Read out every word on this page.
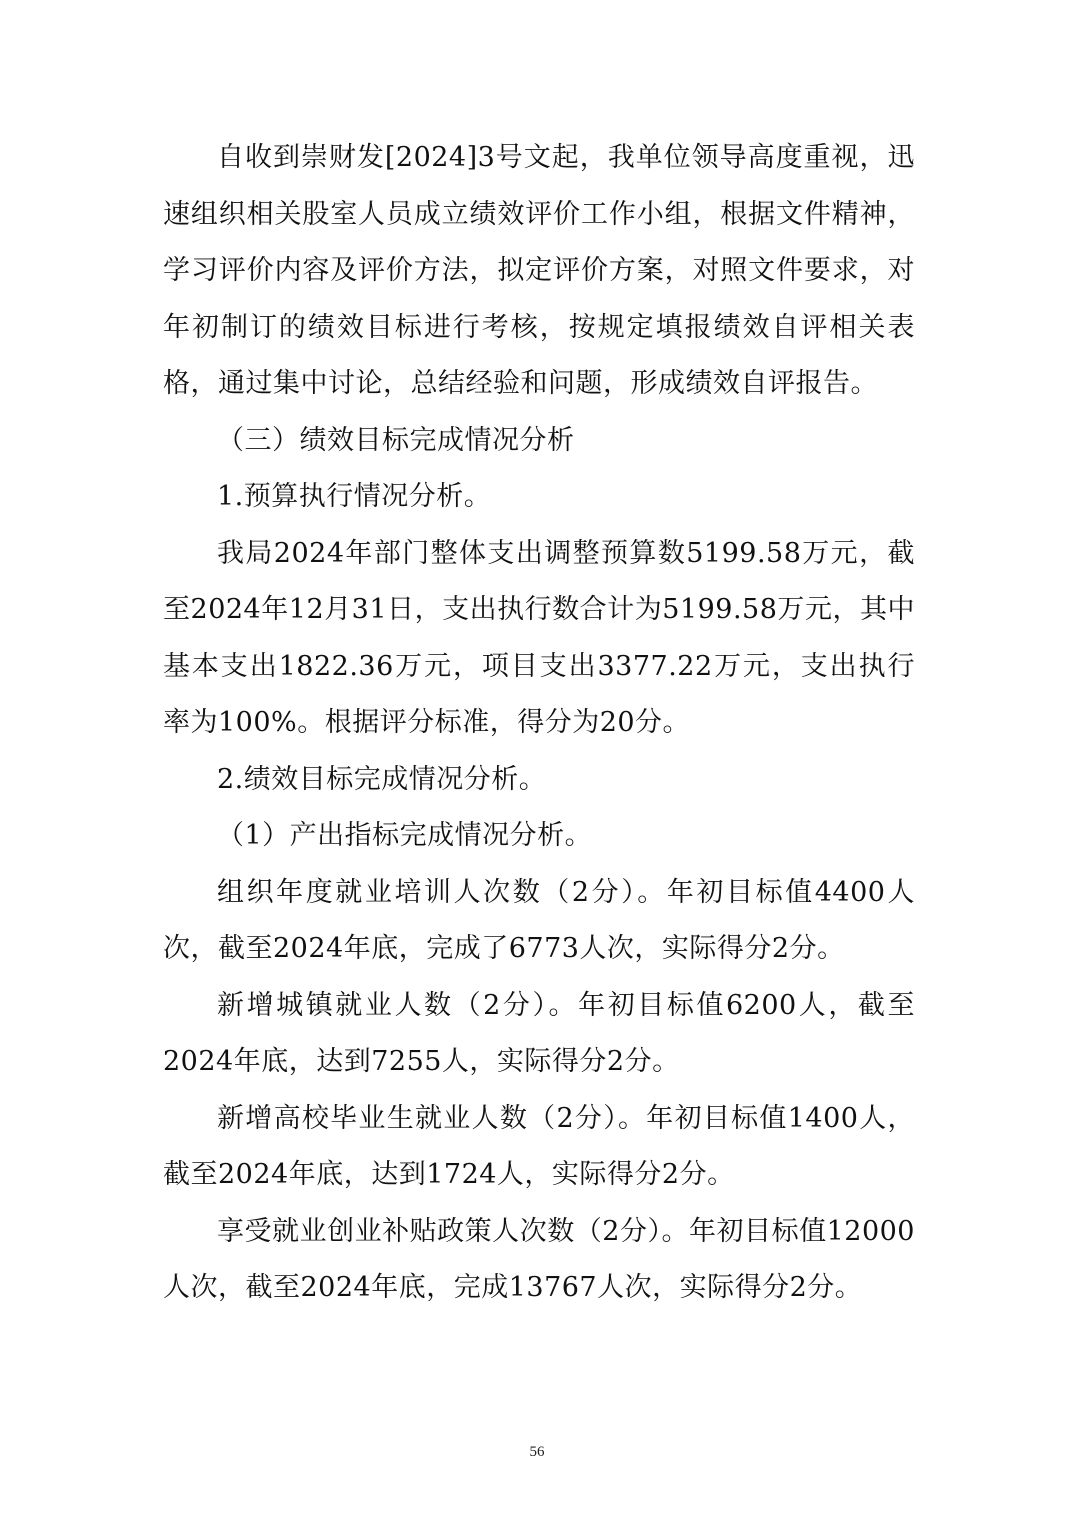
自收到崇财发[2024]3号文起，我单位领导高度重视，迅速组织相关股室人员成立绩效评价工作小组，根据文件精神，学习评价内容及评价方法，拟定评价方案，对照文件要求，对年初制订的绩效目标进行考核，按规定填报绩效自评相关表格，通过集中讨论，总结经验和问题，形成绩效自评报告。

（三）绩效目标完成情况分析

1.预算执行情况分析。

我局2024年部门整体支出调整预算数5199.58万元，截至2024年12月31日，支出执行数合计为5199.58万元，其中基本支出1822.36万元，项目支出3377.22万元，支出执行率为100%。根据评分标准，得分为20分。

2.绩效目标完成情况分析。

（1）产出指标完成情况分析。

组织年度就业培训人次数（2分）。年初目标值4400人次，截至2024年底，完成了6773人次，实际得分2分。

新增城镇就业人数（2分）。年初目标值6200人，截至2024年底，达到7255人，实际得分2分。

新增高校毕业生就业人数（2分）。年初目标值1400人，截至2024年底，达到1724人，实际得分2分。

享受就业创业补贴政策人次数（2分）。年初目标值12000人次，截至2024年底，完成13767人次，实际得分2分。

56
